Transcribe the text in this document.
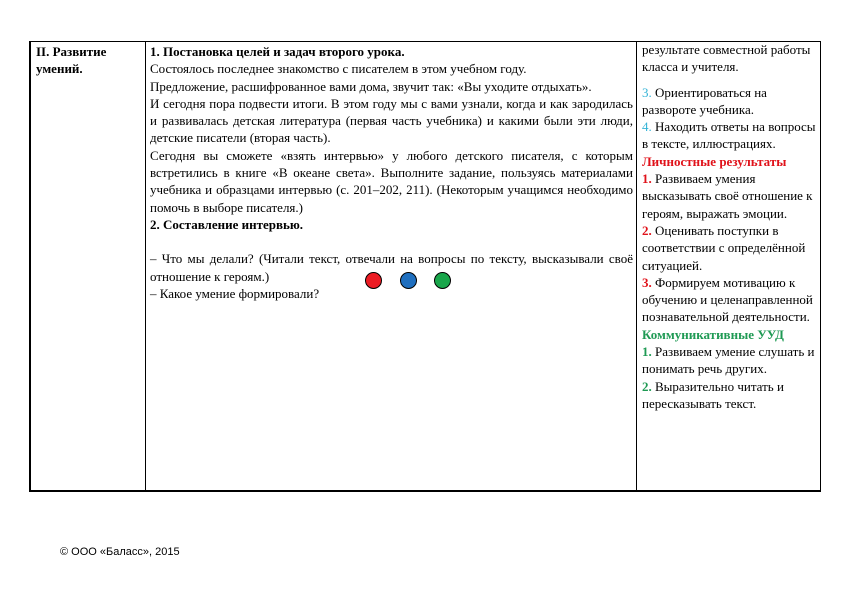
II. Развитие умений.

1. Постановка целей и задач второго урока.

Состоялось последнее знакомство с писателем в этом учебном году.

Предложение, расшифрованное вами дома, звучит так: «Вы уходите отдыхать».

И сегодня пора подвести итоги. В этом году мы с вами узнали, когда и как зародилась и развивалась детская литература (первая часть учебника) и какими были эти люди, детские писатели (вторая часть).

Сегодня вы сможете «взять интервью» у любого детского писателя, с которым встретились в книге «В океане света». Выполните задание, пользуясь материалами учебника и образцами интервью (с. 201–202, 211). (Некоторым учащимся необходимо помочь в выборе писателя.)

2. Составление интервью.

– Что мы делали? (Читали текст, отвечали на вопросы по тексту, высказывали своё отношение к героям.)

– Какое умение формировали?

результате совместной работы класса и учителя.

3. Ориентироваться на развороте учебника.

4. Находить ответы на вопросы в тексте, иллюстрациях.

Личностные результаты

1. Развиваем умения высказывать своё отношение к героям, выражать эмоции.

2. Оценивать поступки в соответствии с определённой ситуацией.

3. Формируем мотивацию к обучению и целенаправленной познавательной деятельности.

Коммуникативные УУД

1. Развиваем умение слушать и понимать речь других.

2. Выразительно читать и пересказывать текст.

© ООО «Баласс», 2015
